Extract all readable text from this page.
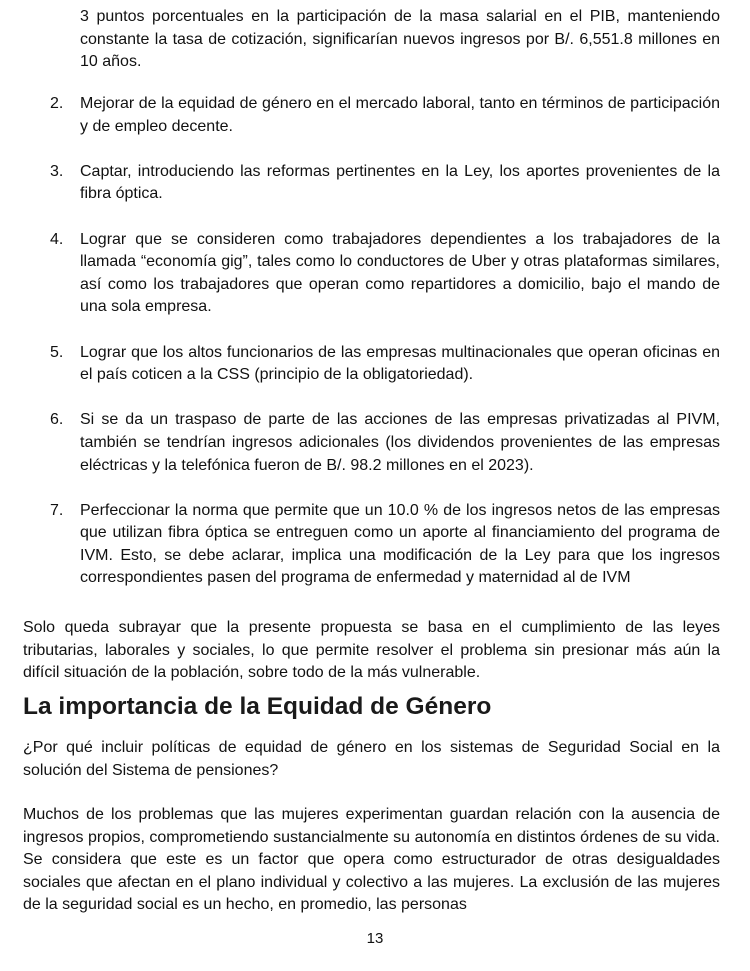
3 puntos porcentuales en la participación de la masa salarial en el PIB, manteniendo constante la tasa de cotización, significarían nuevos ingresos por B/. 6,551.8 millones en 10 años.
2. Mejorar de la equidad de género en el mercado laboral, tanto en términos de participación y de empleo decente.
3. Captar, introduciendo las reformas pertinentes en la Ley, los aportes provenientes de la fibra óptica.
4. Lograr que se consideren como trabajadores dependientes a los trabajadores de la llamada “economía gig”, tales como lo conductores de Uber y otras plataformas similares, así como los trabajadores que operan como repartidores a domicilio, bajo el mando de una sola empresa.
5. Lograr que los altos funcionarios de las empresas multinacionales que operan oficinas en el país coticen a la CSS (principio de la obligatoriedad).
6. Si se da un traspaso de parte de las acciones de las empresas privatizadas al PIVM, también se tendrían ingresos adicionales (los dividendos provenientes de las empresas eléctricas y la telefónica fueron de B/. 98.2 millones en el 2023).
7. Perfeccionar la norma que permite que un 10.0 % de los ingresos netos de las empresas que utilizan fibra óptica se entreguen como un aporte al financiamiento del programa de IVM. Esto, se debe aclarar, implica una modificación de la Ley para que los ingresos correspondientes pasen del programa de enfermedad y maternidad al de IVM
Solo queda subrayar que la presente propuesta se basa en el cumplimiento de las leyes tributarias, laborales y sociales, lo que permite resolver el problema sin presionar más aún la difícil situación de la población, sobre todo de la más vulnerable.
La importancia de la Equidad de Género
¿Por qué incluir políticas de equidad de género en los sistemas de Seguridad Social en la solución del Sistema de pensiones?
Muchos de los problemas que las mujeres experimentan guardan relación con la ausencia de ingresos propios, comprometiendo sustancialmente su autonomía en distintos órdenes de su vida. Se considera que este es un factor que opera como estructurador de otras desigualdades sociales que afectan en el plano individual y colectivo a las mujeres. La exclusión de las mujeres de la seguridad social es un hecho, en promedio, las personas
13
